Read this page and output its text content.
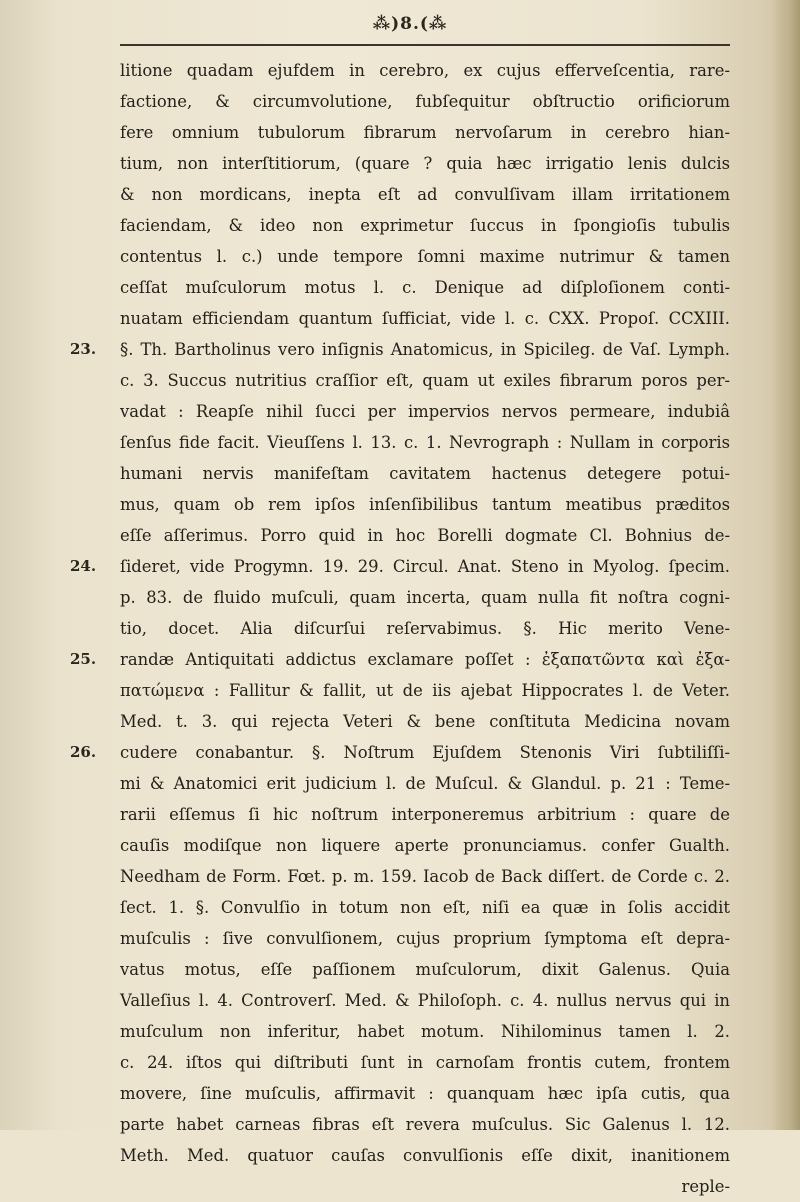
⁂)8.(⁂
23.
24.
25.
26.
litione quadam ejufdem in cerebro, ex cujus efferveſcentia, rare-
factione, & circumvolutione, fubſequitur obſtructio orificiorum
fere omnium tubulorum fibrarum nervoſarum in cerebro hian-
tium, non interſtitiorum, (quare ? quia hæc irrigatio lenis dulcis
& non mordicans, inepta eſt ad convulſivam illam irritationem
faciendam, & ideo non exprimetur ſuccus in ſpongioſis tubulis
contentus l. c.) unde tempore ſomni maxime nutrimur & tamen
ceſſat muſculorum motus l. c. Denique ad diſploſionem conti-
nuatam efficiendam quantum ſufficiat, vide l. c. CXX. Propoſ. CCXIII.
§. Th. Bartholinus vero inſignis Anatomicus, in Spicileg. de Vaſ. Lymph.
c. 3. Succus nutritius craſſior eſt, quam ut exiles fibrarum poros per-
vadat : Reapſe nihil ſucci per impervios nervos permeare, indubiâ
ſenſus fide facit. Vieuſſens l. 13. c. 1. Nevrograph : Nullam in corporis
humani nervis manifeſtam cavitatem hactenus detegere potui-
mus, quam ob rem ipſos inſenſibilibus tantum meatibus præditos
eſſe aſſerimus. Porro quid in hoc Borelli dogmate Cl. Bohnius de-
ſideret, vide Progymn. 19. 29. Circul. Anat. Steno in Myolog. ſpecim.
p. 83. de fluido muſculi, quam incerta, quam nulla fit noſtra cogni-
tio, docet. Alia diſcurſui reſervabimus. §. Hic merito Vene-
randæ Antiquitati addictus exclamare poſſet : ἐξαπατῶντα καὶ ἐξα-
πατώμενα : Fallitur & fallit, ut de iis ajebat Hippocrates l. de Veter.
Med. t. 3. qui rejecta Veteri & bene conſtituta Medicina novam
cudere conabantur. §. Noſtrum Ejuſdem Stenonis Viri ſubtiliſſi-
mi & Anatomici erit judicium l. de Muſcul. & Glandul. p. 21 : Teme-
rarii eſſemus ſi hic noſtrum interponeremus arbitrium : quare de
cauſis modiſque non liquere aperte pronunciamus. confer Gualth.
Needham de Form. Fœt. p. m. 159. Iacob de Back diſſert. de Corde c. 2.
ſect. 1. §. Convulſio in totum non eſt, niſi ea quæ in ſolis accidit
muſculis : ſive convulſionem, cujus proprium ſymptoma eſt depra-
vatus motus, eſſe paſſionem muſculorum, dixit Galenus. Quia
Valleſius l. 4. Controverſ. Med. & Philoſoph. c. 4. nullus nervus qui in
muſculum non inferitur, habet motum. Nihilominus tamen l. 2.
c. 24. iſtos qui diſtributi ſunt in carnoſam frontis cutem, frontem
movere, ſine muſculis, affirmavit : quanquam hæc ipſa cutis, qua
parte habet carneas fibras eſt revera muſculus. Sic Galenus l. 12.
Meth. Med. quatuor cauſas convulſionis eſſe dixit, inanitionem
reple-
